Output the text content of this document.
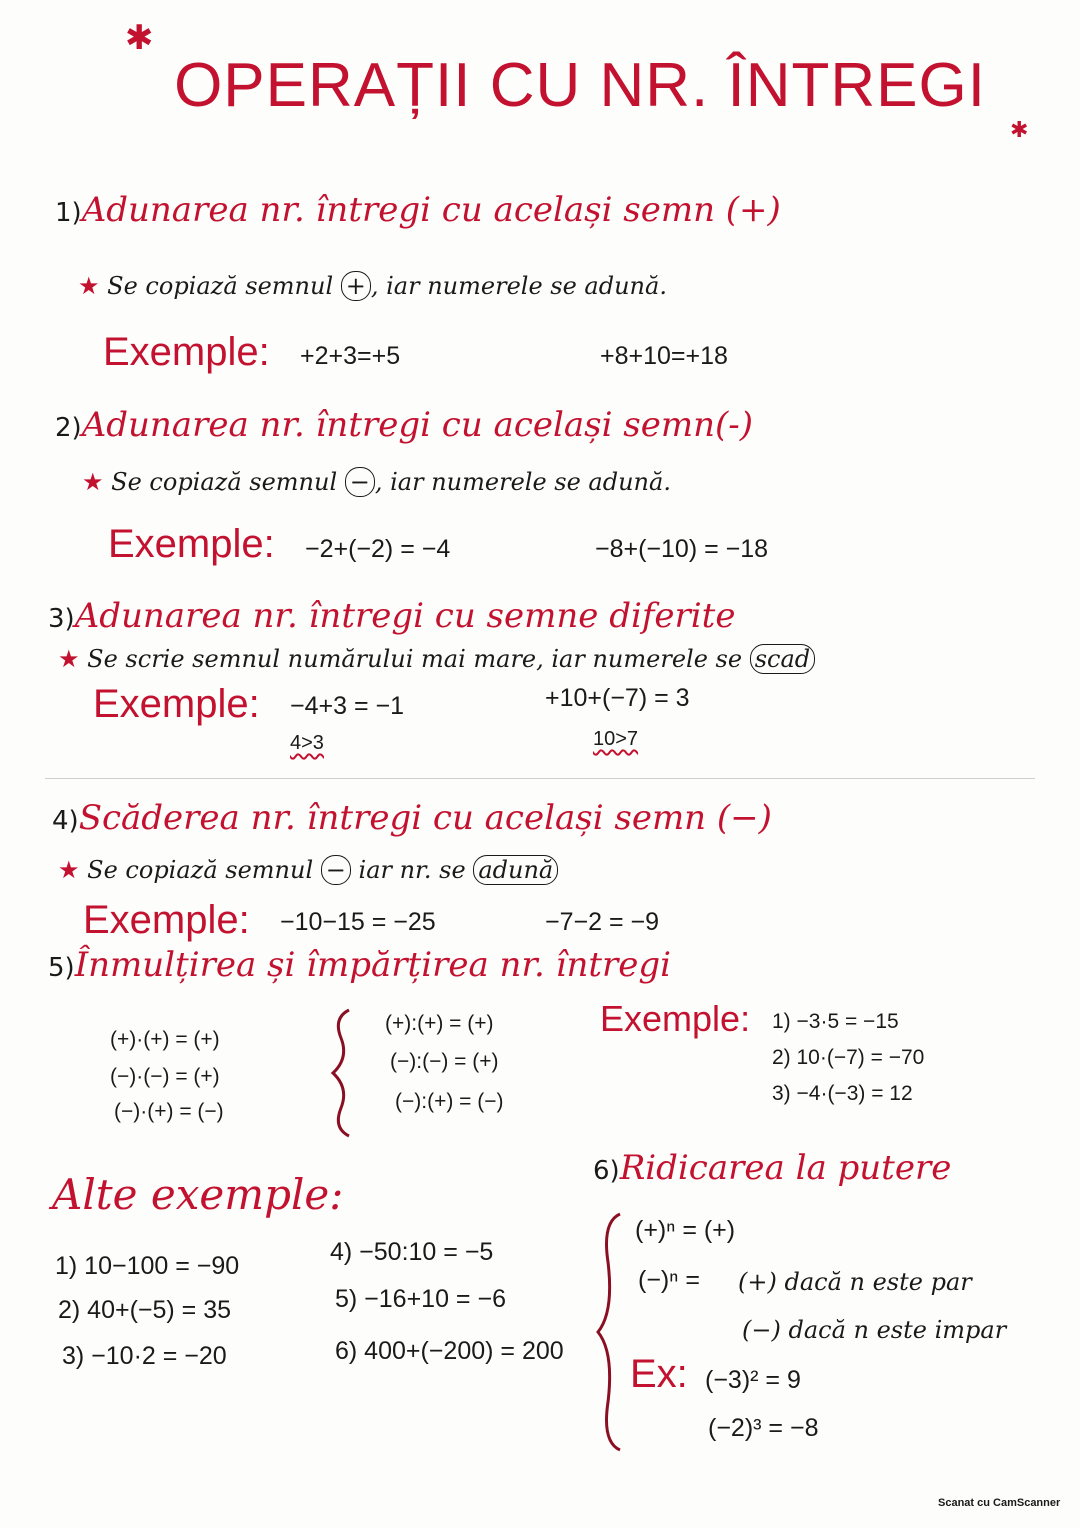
✱
✱
OPERAȚII CU NR. ÎNTREGI
1)Adunarea nr. întregi cu același semn (+)
★ Se copiază semnul + , iar numerele se adună.
Exemple: +2+3=+5	+8+10=+18
2)Adunarea nr. întregi cu același semn(-)
★ Se copiază semnul − , iar numerele se adună.
Exemple: −2+(−2) = −4	−8+(−10) = −18
3)Adunarea nr. întregi cu semne diferite
★ Se scrie semnul numărului mai mare, iar numerele se scad
Exemple: −4+3 = −1	+10+(−7) = 3
4>3	10>7
4)Scăderea nr. întregi cu același semn (−)
★ Se copiază semnul − iar nr. se adună
Exemple: −10−15 = −25	−7−2 = −9
5)Înmulțirea și împărțirea nr. întregi
(+)·(+) = (+)
(−)·(−) = (+)
(−)·(+) = (−)
(+):(+) = (+)
(−):(−) = (+)
(−):(+) = (−)
Exemple: 1) −3·5 = −15
2) 10·(−7) = −70
3) −4·(−3) = 12
Alte exemple:
1) 10−100 = −90
2) 40+(−5) = 35
3) −10·2 = −20
4) −50:10 = −5
5) −16+10 = −6
6) 400+(−200) = 200
6)Ridicarea la putere
(+)ⁿ = (+)
(−)ⁿ = (+) dacă n este par
(−) dacă n este impar
Ex: (−3)² = 9
(−2)³ = −8
Scanat cu CamScanner
